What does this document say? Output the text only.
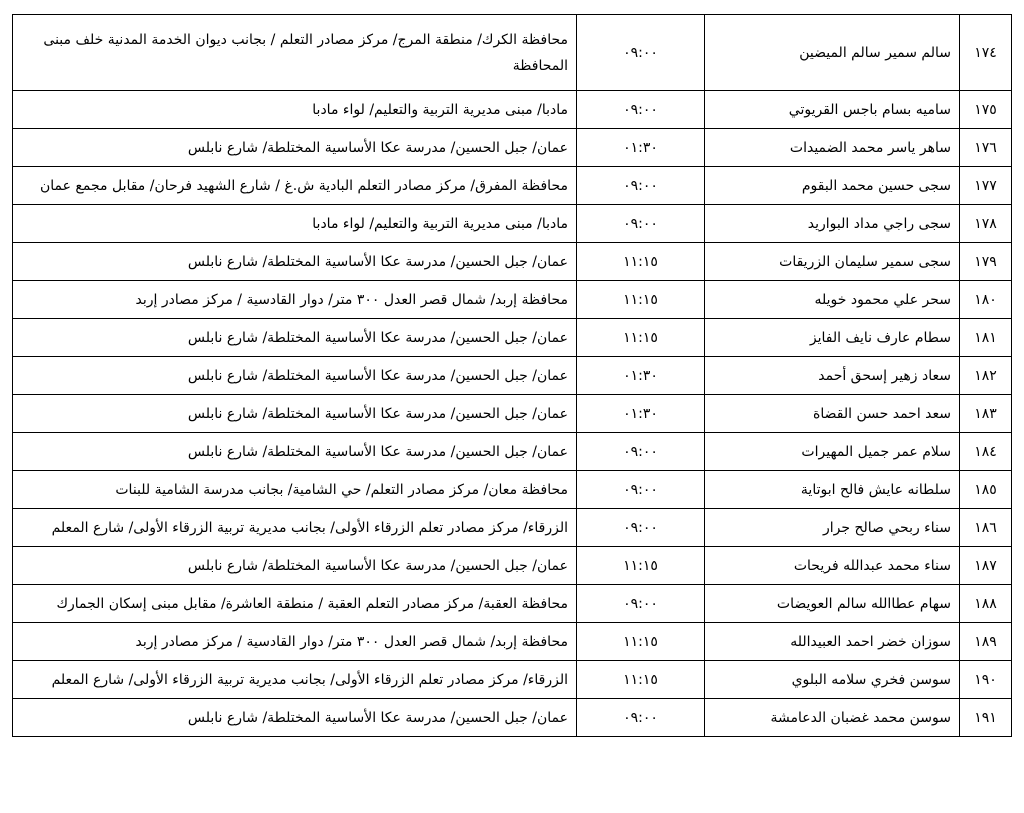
١٧٤	سالم سمير سالم الميضين	٠٩:٠٠	محافظة الكرك/ منطقة المرج/ مركز مصادر التعلم / بجانب ديوان الخدمة المدنية خلف مبنى المحافظة
١٧٥	ساميه بسام باجس القريوتي	٠٩:٠٠	مادبا/ مبنى مديرية التربية والتعليم/ لواء مادبا
١٧٦	ساهر ياسر محمد الضميدات	٠١:٣٠	عمان/ جبل الحسين/ مدرسة عكا الأساسية المختلطة/ شارع نابلس
١٧٧	سجى حسين محمد البقوم	٠٩:٠٠	محافظة المفرق/ مركز مصادر التعلم البادية ش.غ / شارع الشهيد فرحان/ مقابل مجمع عمان
١٧٨	سجى راجي مداد البواريد	٠٩:٠٠	مادبا/ مبنى مديرية التربية والتعليم/ لواء مادبا
١٧٩	سجى سمير سليمان الزريقات	١١:١٥	عمان/ جبل الحسين/ مدرسة عكا الأساسية المختلطة/ شارع نابلس
١٨٠	سحر علي محمود خويله	١١:١٥	محافظة إربد/ شمال قصر العدل ٣٠٠ متر/ دوار القادسية / مركز مصادر إربد
١٨١	سطام عارف نايف الفايز	١١:١٥	عمان/ جبل الحسين/ مدرسة عكا الأساسية المختلطة/ شارع نابلس
١٨٢	سعاد زهير إسحق أحمد	٠١:٣٠	عمان/ جبل الحسين/ مدرسة عكا الأساسية المختلطة/ شارع نابلس
١٨٣	سعد احمد حسن القضاة	٠١:٣٠	عمان/ جبل الحسين/ مدرسة عكا الأساسية المختلطة/ شارع نابلس
١٨٤	سلام عمر جميل المهيرات	٠٩:٠٠	عمان/ جبل الحسين/ مدرسة عكا الأساسية المختلطة/ شارع نابلس
١٨٥	سلطانه عايش فالح ابوتاية	٠٩:٠٠	محافظة معان/ مركز مصادر التعلم/ حي الشامية/ بجانب مدرسة الشامية للبنات
١٨٦	سناء ربحي صالح جرار	٠٩:٠٠	الزرقاء/ مركز مصادر تعلم الزرقاء الأولى/ بجانب مديرية تربية الزرقاء الأولى/ شارع المعلم
١٨٧	سناء محمد عبدالله فريحات	١١:١٥	عمان/ جبل الحسين/ مدرسة عكا الأساسية المختلطة/ شارع نابلس
١٨٨	سهام عطاالله سالم العويضات	٠٩:٠٠	محافظة العقبة/ مركز مصادر التعلم العقبة / منطقة العاشرة/ مقابل مبنى إسكان الجمارك
١٨٩	سوزان خضر احمد العبيدالله	١١:١٥	محافظة إربد/ شمال قصر العدل ٣٠٠ متر/ دوار القادسية / مركز مصادر إربد
١٩٠	سوسن فخري سلامه البلوي	١١:١٥	الزرقاء/ مركز مصادر تعلم الزرقاء الأولى/ بجانب مديرية تربية الزرقاء الأولى/ شارع المعلم
١٩١	سوسن محمد غضبان الدعامشة	٠٩:٠٠	عمان/ جبل الحسين/ مدرسة عكا الأساسية المختلطة/ شارع نابلس
